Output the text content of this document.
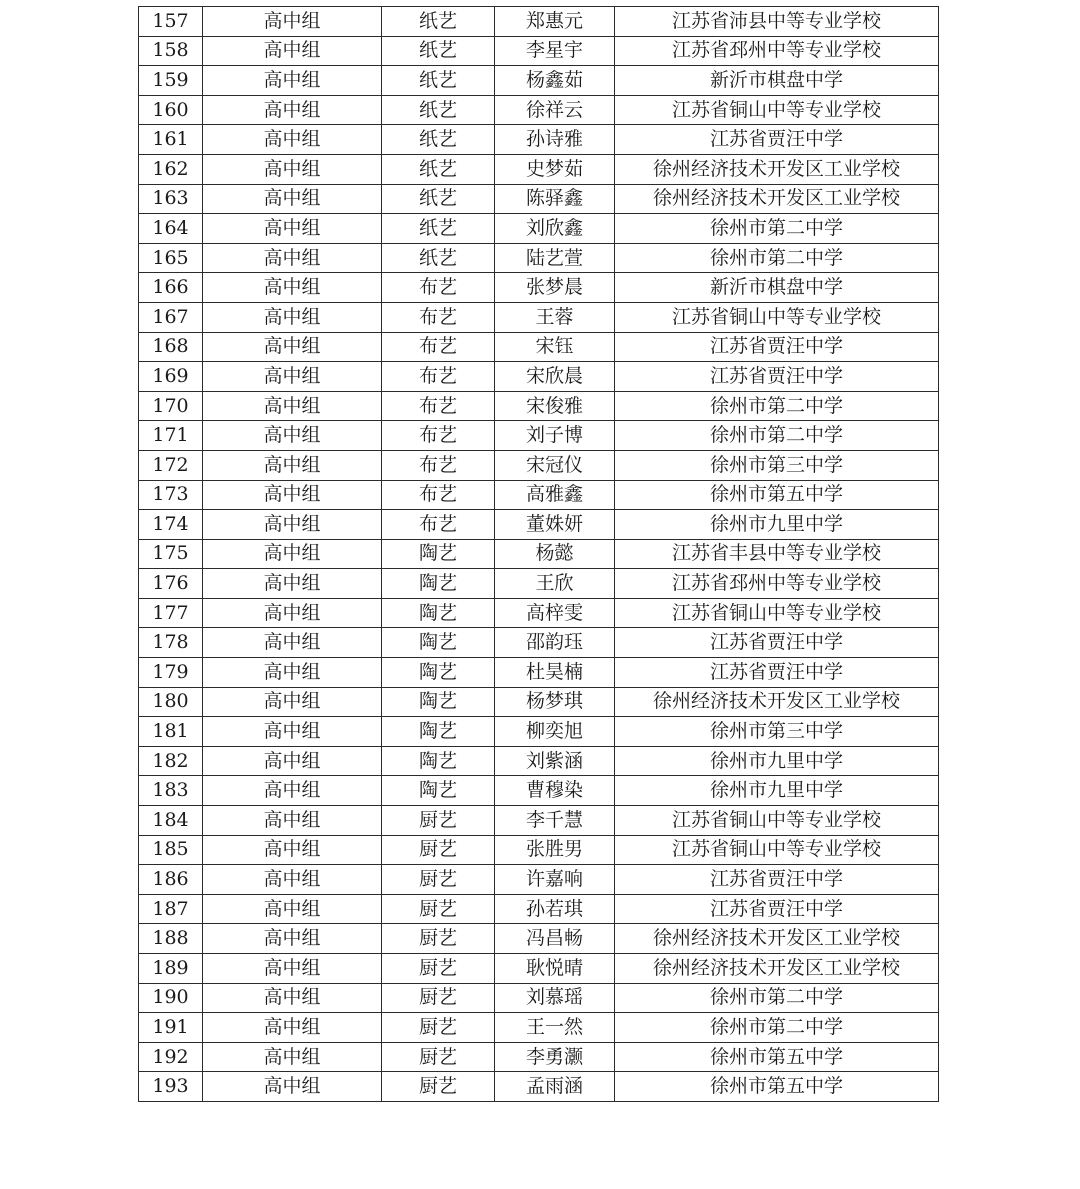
157	高中组	纸艺	郑惠元	江苏省沛县中等专业学校
158	高中组	纸艺	李星宇	江苏省邳州中等专业学校
159	高中组	纸艺	杨鑫茹	新沂市棋盘中学
160	高中组	纸艺	徐祥云	江苏省铜山中等专业学校
161	高中组	纸艺	孙诗雅	江苏省贾汪中学
162	高中组	纸艺	史梦茹	徐州经济技术开发区工业学校
163	高中组	纸艺	陈驿鑫	徐州经济技术开发区工业学校
164	高中组	纸艺	刘欣鑫	徐州市第二中学
165	高中组	纸艺	陆艺萱	徐州市第二中学
166	高中组	布艺	张梦晨	新沂市棋盘中学
167	高中组	布艺	王蓉	江苏省铜山中等专业学校
168	高中组	布艺	宋钰	江苏省贾汪中学
169	高中组	布艺	宋欣晨	江苏省贾汪中学
170	高中组	布艺	宋俊雅	徐州市第二中学
171	高中组	布艺	刘子博	徐州市第二中学
172	高中组	布艺	宋冠仪	徐州市第三中学
173	高中组	布艺	高雅鑫	徐州市第五中学
174	高中组	布艺	董姝妍	徐州市九里中学
175	高中组	陶艺	杨懿	江苏省丰县中等专业学校
176	高中组	陶艺	王欣	江苏省邳州中等专业学校
177	高中组	陶艺	高梓雯	江苏省铜山中等专业学校
178	高中组	陶艺	邵韵珏	江苏省贾汪中学
179	高中组	陶艺	杜昊楠	江苏省贾汪中学
180	高中组	陶艺	杨梦琪	徐州经济技术开发区工业学校
181	高中组	陶艺	柳奕旭	徐州市第三中学
182	高中组	陶艺	刘紫涵	徐州市九里中学
183	高中组	陶艺	曹穆染	徐州市九里中学
184	高中组	厨艺	李千慧	江苏省铜山中等专业学校
185	高中组	厨艺	张胜男	江苏省铜山中等专业学校
186	高中组	厨艺	许嘉响	江苏省贾汪中学
187	高中组	厨艺	孙若琪	江苏省贾汪中学
188	高中组	厨艺	冯昌畅	徐州经济技术开发区工业学校
189	高中组	厨艺	耿悦晴	徐州经济技术开发区工业学校
190	高中组	厨艺	刘慕瑶	徐州市第二中学
191	高中组	厨艺	王一然	徐州市第二中学
192	高中组	厨艺	李勇灏	徐州市第五中学
193	高中组	厨艺	孟雨涵	徐州市第五中学
